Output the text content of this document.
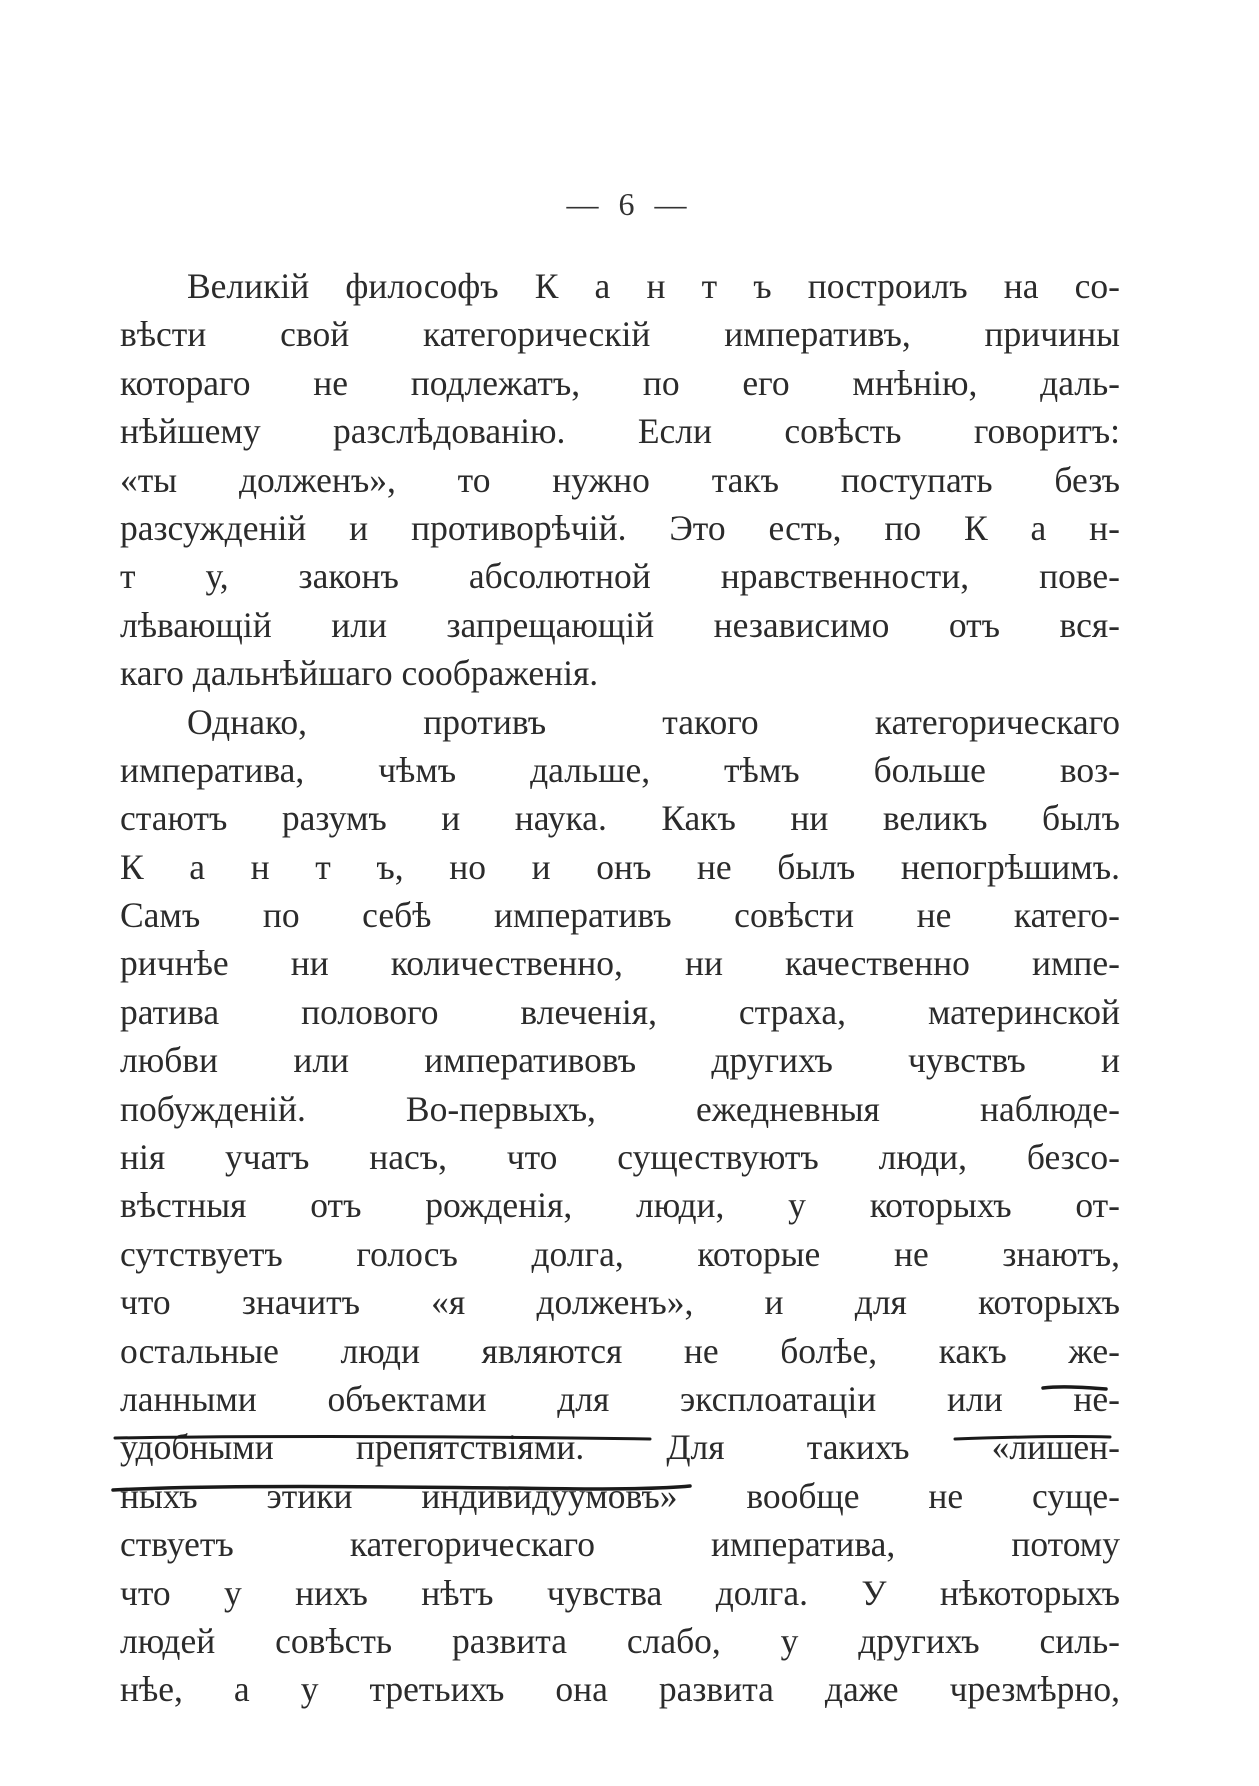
— 6 —
Великій философъ К а н т ъ построилъ на со-
вѣсти свой категорическій императивъ, причины
котораго не подлежатъ, по его мнѣнію, даль-
нѣйшему разслѣдованію. Если совѣсть говоритъ:
«ты долженъ», то нужно такъ поступать безъ
разсужденій и противорѣчій. Это есть, по К а н-
т у, законъ абсолютной нравственности, пове-
лѣвающій или запрещающій независимо отъ вся-
каго дальнѣйшаго соображенія.
Однако, противъ такого категорическаго
императива, чѣмъ дальше, тѣмъ больше воз-
стаютъ разумъ и наука. Какъ ни великъ былъ
К а н т ъ, но и онъ не былъ непогрѣшимъ.
Самъ по себѣ императивъ совѣсти не катего-
ричнѣе ни количественно, ни качественно импе-
ратива полового влеченія, страха, материнской
любви или императивовъ другихъ чувствъ и
побужденій. Во-первыхъ, ежедневныя наблюде-
нія учатъ насъ, что существуютъ люди, безсо-
вѣстныя отъ рожденія, люди, у которыхъ от-
сутствуетъ голосъ долга, которые не знаютъ,
что значитъ «я долженъ», и для которыхъ
остальные люди являются не болѣе, какъ же-
ланными объектами для эксплоатаціи или не-
удобными препятствіями. Для такихъ «лишен-
ныхъ этики индивидуумовъ» вообще не суще-
ствуетъ категорическаго императива, потому
что у нихъ нѣтъ чувства долга. У нѣкоторыхъ
людей совѣсть развита слабо, у другихъ силь-
нѣе, а у третьихъ она развита даже чрезмѣрно,
